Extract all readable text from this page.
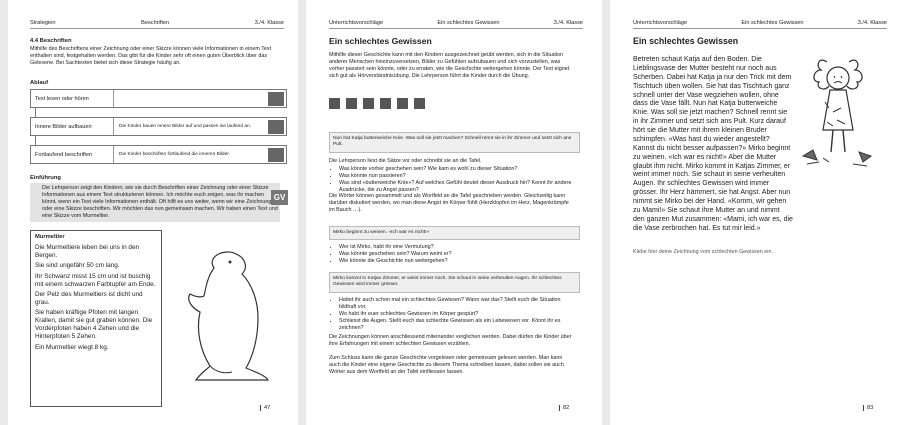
Strategien	Beschriften	3./4. Klasse
4.4 Beschriften
Mithilfe des Beschriftens einer Zeichnung oder einer Skizze können viele Informationen in einem Text enthalten sind, festgehalten werden. Das gibt für die Kinder sehr oft einen guten Überblick über das Gelesene. Bei Sachtexten bietet sich diese Strategie häufig an.
Ablauf
Text lesen oder hören
Innere Bilder aufbauen	Die Kinder bauen innere Bilder auf und passen sie laufend an.
Fortlaufend beschriften	Die Kinder beschriften fortlaufend die inneren Bilder.
Einführung
Die Lehrperson zeigt den Kindern, wie sie durch Beschriften einer Zeichnung oder einer Skizze Informationen aus einem Text strukturieren können. Ich möchte euch zeigen, was ihr machen könnt, wenn ein Text viele Informationen enthält. Oft hilft es uns weiter, wenn wir eine Zeichnung oder eine Skizze beschriften. Wir möchten das nun gemeinsam machen. Wir haben einen Text und eine Skizze vom Murmeltier.
GV
Murmeltier
Die Murmeltiere leben bei uns in den Bergen.
Sie sind ungefähr 50 cm lang.
Ihr Schwanz misst 15 cm und ist buschig mit einem schwarzen Farbtupfer am Ende.
Der Pelz des Murmeltiers ist dicht und grau.
Sie haben kräftige Pfoten mit langen Krallen, damit sie gut graben können. Die Vorderpfoten haben 4 Zehen und die Hinterpfoten 5 Zehen.
Ein Murmeltier wiegt 8 kg.
47
Unterrichtsvorschläge	Ein schlechtes Gewissen	3./4. Klasse
Ein schlechtes Gewissen
Mithilfe dieser Geschichte kann mit den Kindern ausgezeichnet geübt werden, sich in die Situation anderer Menschen hineinzuversetzen, Bilder zu Gefühlen aufzubauen und sich vorzustellen, was vorher passiert sein könnte, oder zu erraten, wie die Geschichte weitergehen könnte. Der Text eignet sich gut als Hörverständnisübung. Die Lehrperson führt die Kinder durch die Übung.
Nun hat Katja butterweiche Knie. Was soll sie jetzt machen? Schnell rennt sie in ihr Zimmer und setzt sich ans Pult.
Die Lehrperson liest die Sätze vor oder schreibt sie an die Tafel.
• Was könnte vorher geschehen sein? Wie kam es wohl zu dieser Situation?
• Was könnte nun passieren?
• Was sind «butterweiche Knie»? Auf welches Gefühl deutet dieser Ausdruck hin? Kennt ihr andere Ausdrücke, die zu Angst passen?
Die Wörter können gesammelt und als Wortfeld an die Tafel geschrieben werden. Gleichzeitig kann darüber diskutiert werden, wo man diese Angst im Körper fühlt (Herzklopfen im Herz, Magenkrämpfe im Bauch …).
Mirko beginnt zu weinen. «Ich war es nicht!»
• Wer ist Mirko, habt ihr eine Vermutung?
• Was könnte geschehen sein? Warum weint er?
• Wie könnte die Geschichte nun weitergehen?
Mirko kommt in Katjas Zimmer, er weint immer noch. Sie schaut in seine verheulten Augen. Ihr schlechtes Gewissen wird immer grösser.
• Hattet ihr auch schon mal ein schlechtes Gewissen? Wann war das? Stellt euch die Situation bildhaft vor.
• Wo habt ihr euer schlechtes Gewissen im Körper gespürt?
• Schliesst die Augen. Stellt euch das schlechte Gewissen als ein Lebewesen vor. Könnt ihr es zeichnen?
Die Zeichnungen können anschliessend miteinander verglichen werden. Dabei dürfen die Kinder über ihre Erfahrungen mit einem schlechten Gewissen erzählen.
Zum Schluss kann die ganze Geschichte vorgelesen oder gemeinsam gelesen werden. Man kann auch die Kinder eine eigene Geschichte zu diesem Thema schreiben lassen, dabei sollen sie auch Wörter aus dem Wortfeld an der Tafel einfliessen lassen.
82
Unterrichtsvorschläge	Ein schlechtes Gewissen	3./4. Klasse
Ein schlechtes Gewissen
Betreten schaut Katja auf den Boden. Die Lieblingsvase der Mutter besteht nur noch aus Scherben. Dabei hat Katja ja nur den Trick mit dem Tischtuch üben wollen. Sie hat das Tischtuch ganz schnell unter der Vase wegziehen wollen, ohne dass die Vase fällt. Nun hat Katja butterweiche Knie. Was soll sie jetzt machen? Schnell rennt sie in ihr Zimmer und setzt sich ans Pult. Kurz darauf hört sie die Mutter mit ihrem kleinen Bruder schimpfen. «Was hast du wieder angestellt? Kannst du nicht besser aufpassen?» Mirko beginnt zu weinen. «Ich war es nicht!» Aber die Mutter glaubt ihm nicht. Mirko kommt in Katjas Zimmer, er weint immer noch. Sie schaut in seine verheulten Augen. Ihr schlechtes Gewissen wird immer grösser. Ihr Herz hämmert, sie hat Angst. Aber nun nimmt sie Mirko bei der Hand. «Komm, wir gehen zu Mami!» Sie schaut ihre Mutter an und nimmt den ganzen Mut zusammen: «Mami, ich war es, die die Vase zerbrochen hat. Es tut mir leid.»
Klebe hier deine Zeichnung vom schlechten Gewissen ein.
83
